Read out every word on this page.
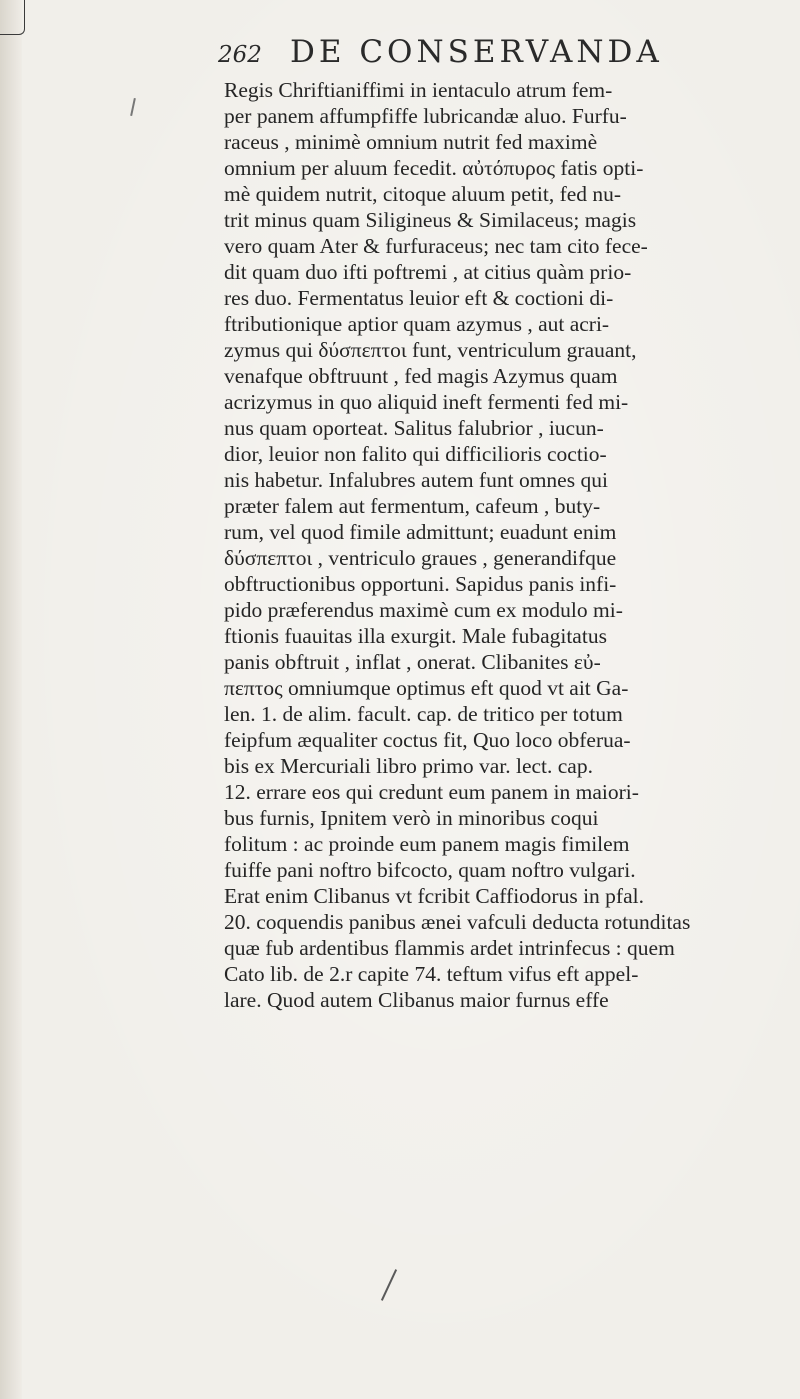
262 DE CONSERVANDA
Regis Chriftianiffimi in ientaculo atrum fem-
per panem affumpfiffe lubricandæ aluo. Furfu-
raceus , minimè omnium nutrit fed maximè
omnium per aluum fecedit. αὐτόπυρος fatis opti-
mè quidem nutrit, citoque aluum petit, fed nu-
trit minus quam Siligineus & Similaceus; magis
vero quam Ater & furfuraceus; nec tam cito fece-
dit quam duo ifti poftremi , at citius quàm prio-
res duo. Fermentatus leuior eft & coctioni di-
ftributionique aptior quam azymus , aut acri-
zymus qui δύσπεπτοι funt, ventriculum grauant,
venafque obftruunt , fed magis Azymus quam
acrizymus in quo aliquid ineft fermenti fed mi-
nus quam oporteat. Salitus falubrior , iucun-
dior, leuior non falito qui difficilioris coctio-
nis habetur. Infalubres autem funt omnes qui
præter falem aut fermentum, cafeum , buty-
rum, vel quod fimile admittunt; euadunt enim
δύσπεπτοι , ventriculo graues , generandifque
obftructionibus opportuni. Sapidus panis infi-
pido præferendus maximè cum ex modulo mi-
ftionis fuauitas illa exurgit. Male fubagitatus
panis obftruit , inflat , onerat. Clibanites εὐ-
πεπτος omniumque optimus eft quod vt ait Ga-
len. 1. de alim. facult. cap. de tritico per totum
feipfum æqualiter coctus fit, Quo loco obferua-
bis ex Mercuriali libro primo var. lect. cap.
12. errare eos qui credunt eum panem in maiori-
bus furnis, Ipnitem verò in minoribus coqui
folitum : ac proinde eum panem magis fimilem
fuiffe pani noftro bifcocto, quam noftro vulgari.
Erat enim Clibanus vt fcribit Caffiodorus in pfal.
20. coquendis panibus ænei vafculi deducta rotunditas
quæ fub ardentibus flammis ardet intrinfecus : quem
Cato lib. de 2.r capite 74. teftum vifus eft appel-
lare. Quod autem Clibanus maior furnus effe
